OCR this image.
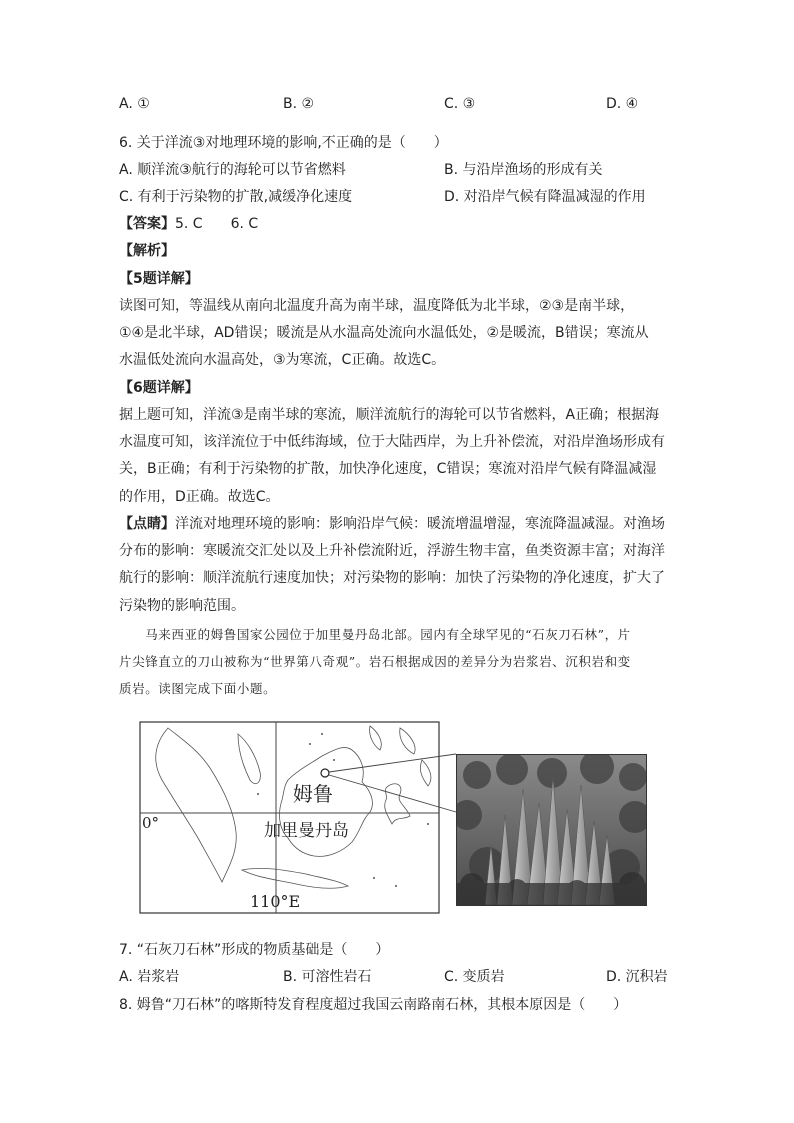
A. ①	B. ②	C. ③	D. ④
6. 关于洋流③对地理环境的影响,不正确的是（　　）
A. 顺洋流③航行的海轮可以节省燃料	B. 与沿岸渔场的形成有关
C. 有利于污染物的扩散,减缓净化速度	D. 对沿岸气候有降温减湿的作用
【答案】5. C　　6. C
【解析】
【5题详解】
读图可知，等温线从南向北温度升高为南半球，温度降低为北半球，②③是南半球，
①④是北半球，AD错误；暖流是从水温高处流向水温低处，②是暖流，B错误；寒流从
水温低处流向水温高处，③为寒流，C正确。故选C。
【6题详解】
据上题可知，洋流③是南半球的寒流，顺洋流航行的海轮可以节省燃料，A正确；根据海
水温度可知，该洋流位于中低纬海域，位于大陆西岸，为上升补偿流，对沿岸渔场形成有
关，B正确；有利于污染物的扩散，加快净化速度，C错误；寒流对沿岸气候有降温减湿
的作用，D正确。故选C。
【点睛】洋流对地理环境的影响：影响沿岸气候：暖流增温增湿，寒流降温减湿。对渔场
分布的影响：寒暖流交汇处以及上升补偿流附近，浮游生物丰富，鱼类资源丰富；对海洋
航行的影响：顺洋流航行速度加快；对污染物的影响：加快了污染物的净化速度，扩大了
污染物的影响范围。
　　马来西亚的姆鲁国家公园位于加里曼丹岛北部。园内有全球罕见的“石灰刀石林”，片
片尖锋直立的刀山被称为“世界第八奇观”。岩石根据成因的差异分为岩浆岩、沉积岩和变
质岩。读图完成下面小题。
姆鲁
加里曼丹岛
0°
110°E
7. “石灰刀石林”形成的物质基础是（　　）
A. 岩浆岩	B. 可溶性岩石	C. 变质岩	D. 沉积岩
8. 姆鲁“刀石林”的喀斯特发育程度超过我国云南路南石林，其根本原因是（　　）
